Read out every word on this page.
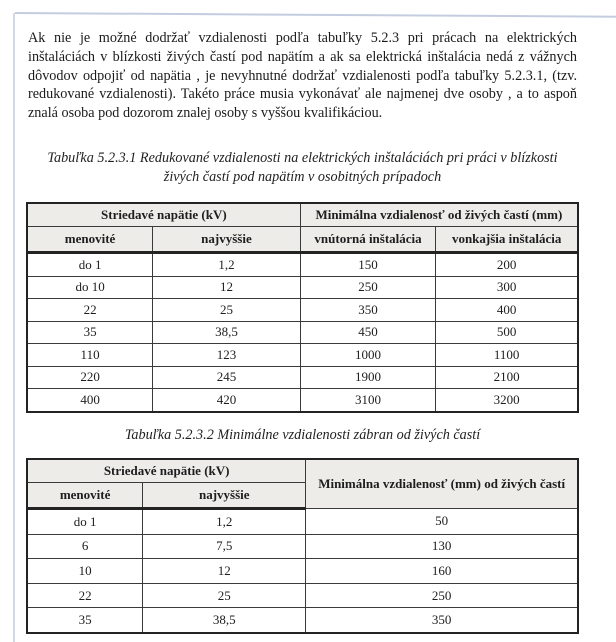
Ak nie je možné dodržať vzdialenosti podľa tabuľky 5.2.3 pri prácach na elektrických inštaláciách v blízkosti živých častí pod napätím a ak sa elektrická inštalácia nedá z vážnych dôvodov odpojiť od napätia , je nevyhnutné dodržať vzdialenosti podľa tabuľky 5.2.3.1, (tzv. redukované vzdialenosti). Takéto práce musia vykonávať ale najmenej dve osoby , a to aspoň znalá osoba pod dozorom znalej osoby s vyššou kvalifikáciou.

Tabuľka 5.2.3.1 Redukované vzdialenosti na elektrických inštaláciách pri práci v blízkosti
živých častí pod napätím v osobitných prípadoch
Striedavé napätie (kV)		Minimálna vzdialenosť od živých častí (mm)	
menovité	najvyššie	vnútorná inštalácia	vonkajšia inštalácia
do 1	1,2	150	200
do 10	12	250	300
22	25	350	400
35	38,5	450	500
110	123	1000	1100
220	245	1900	2100
400	420	3100	3200
Tabuľka 5.2.3.2 Minimálne vzdialenosti zábran od živých častí
Striedavé napätie (kV)		Minimálna vzdialenosť (mm) od živých častí
menovité	najvyššie	
do 1	1,2	50
6	7,5	130
10	12	160
22	25	250
35	38,5	350
